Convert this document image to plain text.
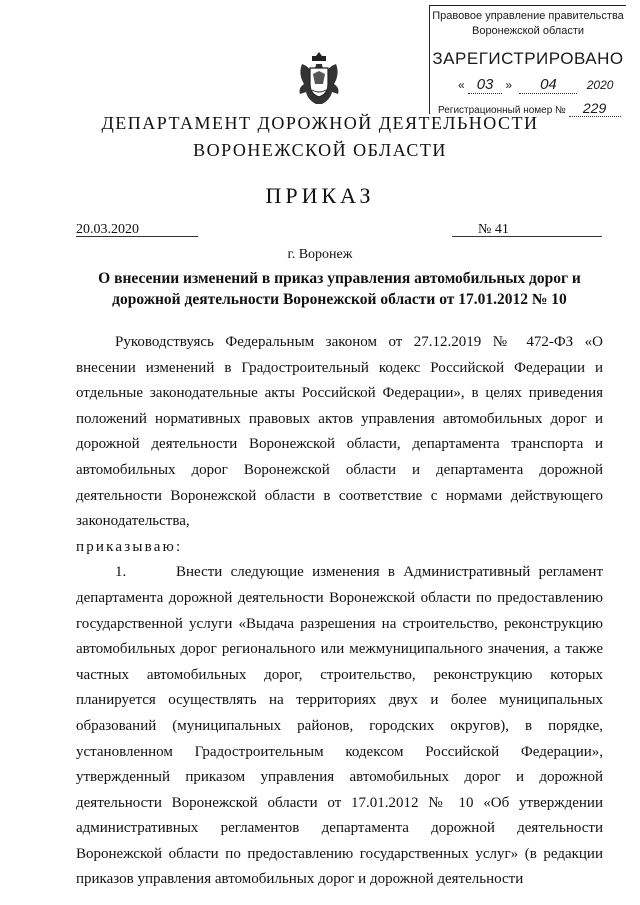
Правовое управление правительства
Воронежской области
ЗАРЕГИСТРИРОВАНО
« 03 » 04	2020
Регистрационный номер № 229
ДЕПАРТАМЕНТ ДОРОЖНОЙ ДЕЯТЕЛЬНОСТИ
ВОРОНЕЖСКОЙ ОБЛАСТИ
ПРИКАЗ
20.03.2020	№ 41
г. Воронеж
О внесении изменений в приказ управления автомобильных дорог и дорожной деятельности Воронежской области от 17.01.2012 № 10

Руководствуясь Федеральным законом от 27.12.2019 № 472-ФЗ «О внесении изменений в Градостроительный кодекс Российской Федерации и отдельные законодательные акты Российской Федерации», в целях приведения положений нормативных правовых актов управления автомобильных дорог и дорожной деятельности Воронежской области, департамента транспорта и автомобильных дорог Воронежской области и департамента дорожной деятельности Воронежской области в соответствие с нормами действующего законодательства,

приказываю:

1.	Внести следующие изменения в Административный регламент департамента дорожной деятельности Воронежской области по предоставлению государственной услуги «Выдача разрешения на строительство, реконструкцию автомобильных дорог регионального или межмуниципального значения, а также частных автомобильных дорог, строительство, реконструкцию которых планируется осуществлять на территориях двух и более муниципальных образований (муниципальных районов, городских округов), в порядке, установленном Градостроительным кодексом Российской Федерации», утвержденный приказом управления автомобильных дорог и дорожной деятельности Воронежской области от 17.01.2012 № 10 «Об утверждении административных регламентов департамента дорожной деятельности Воронежской области по предоставлению государственных услуг» (в редакции приказов управления автомобильных дорог и дорожной деятельности
